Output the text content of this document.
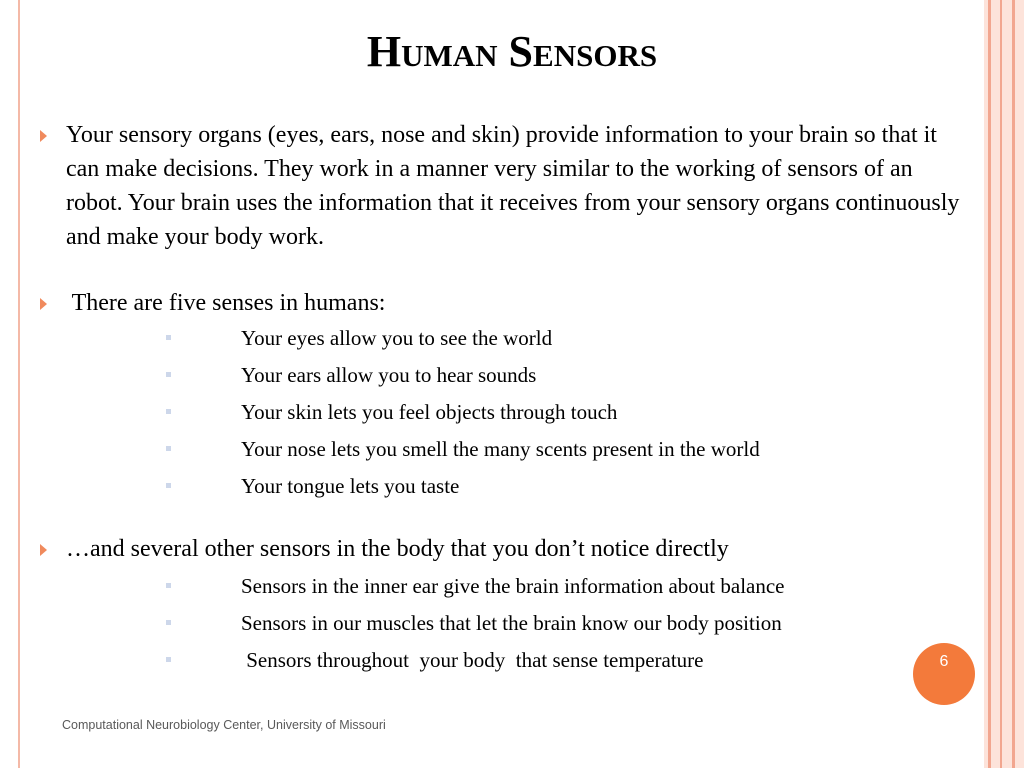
Human Sensors
Your sensory organs (eyes, ears, nose and skin) provide information to your brain so that it can make decisions. They work in a manner very similar to the working of sensors of an robot. Your brain uses the information that it receives from your sensory organs continuously and make your body work.
There are five senses in humans:
Your eyes allow you to see the world
Your ears allow you to hear sounds
Your skin lets you feel objects through touch
Your nose lets you smell the many scents present in the world
Your tongue lets you taste
…and several other sensors in the body that you don’t notice directly
Sensors in the inner ear give the brain information about balance
Sensors in our muscles that let the brain know our body position
Sensors throughout  your body  that sense temperature	6
Computational Neurobiology Center, University of Missouri
